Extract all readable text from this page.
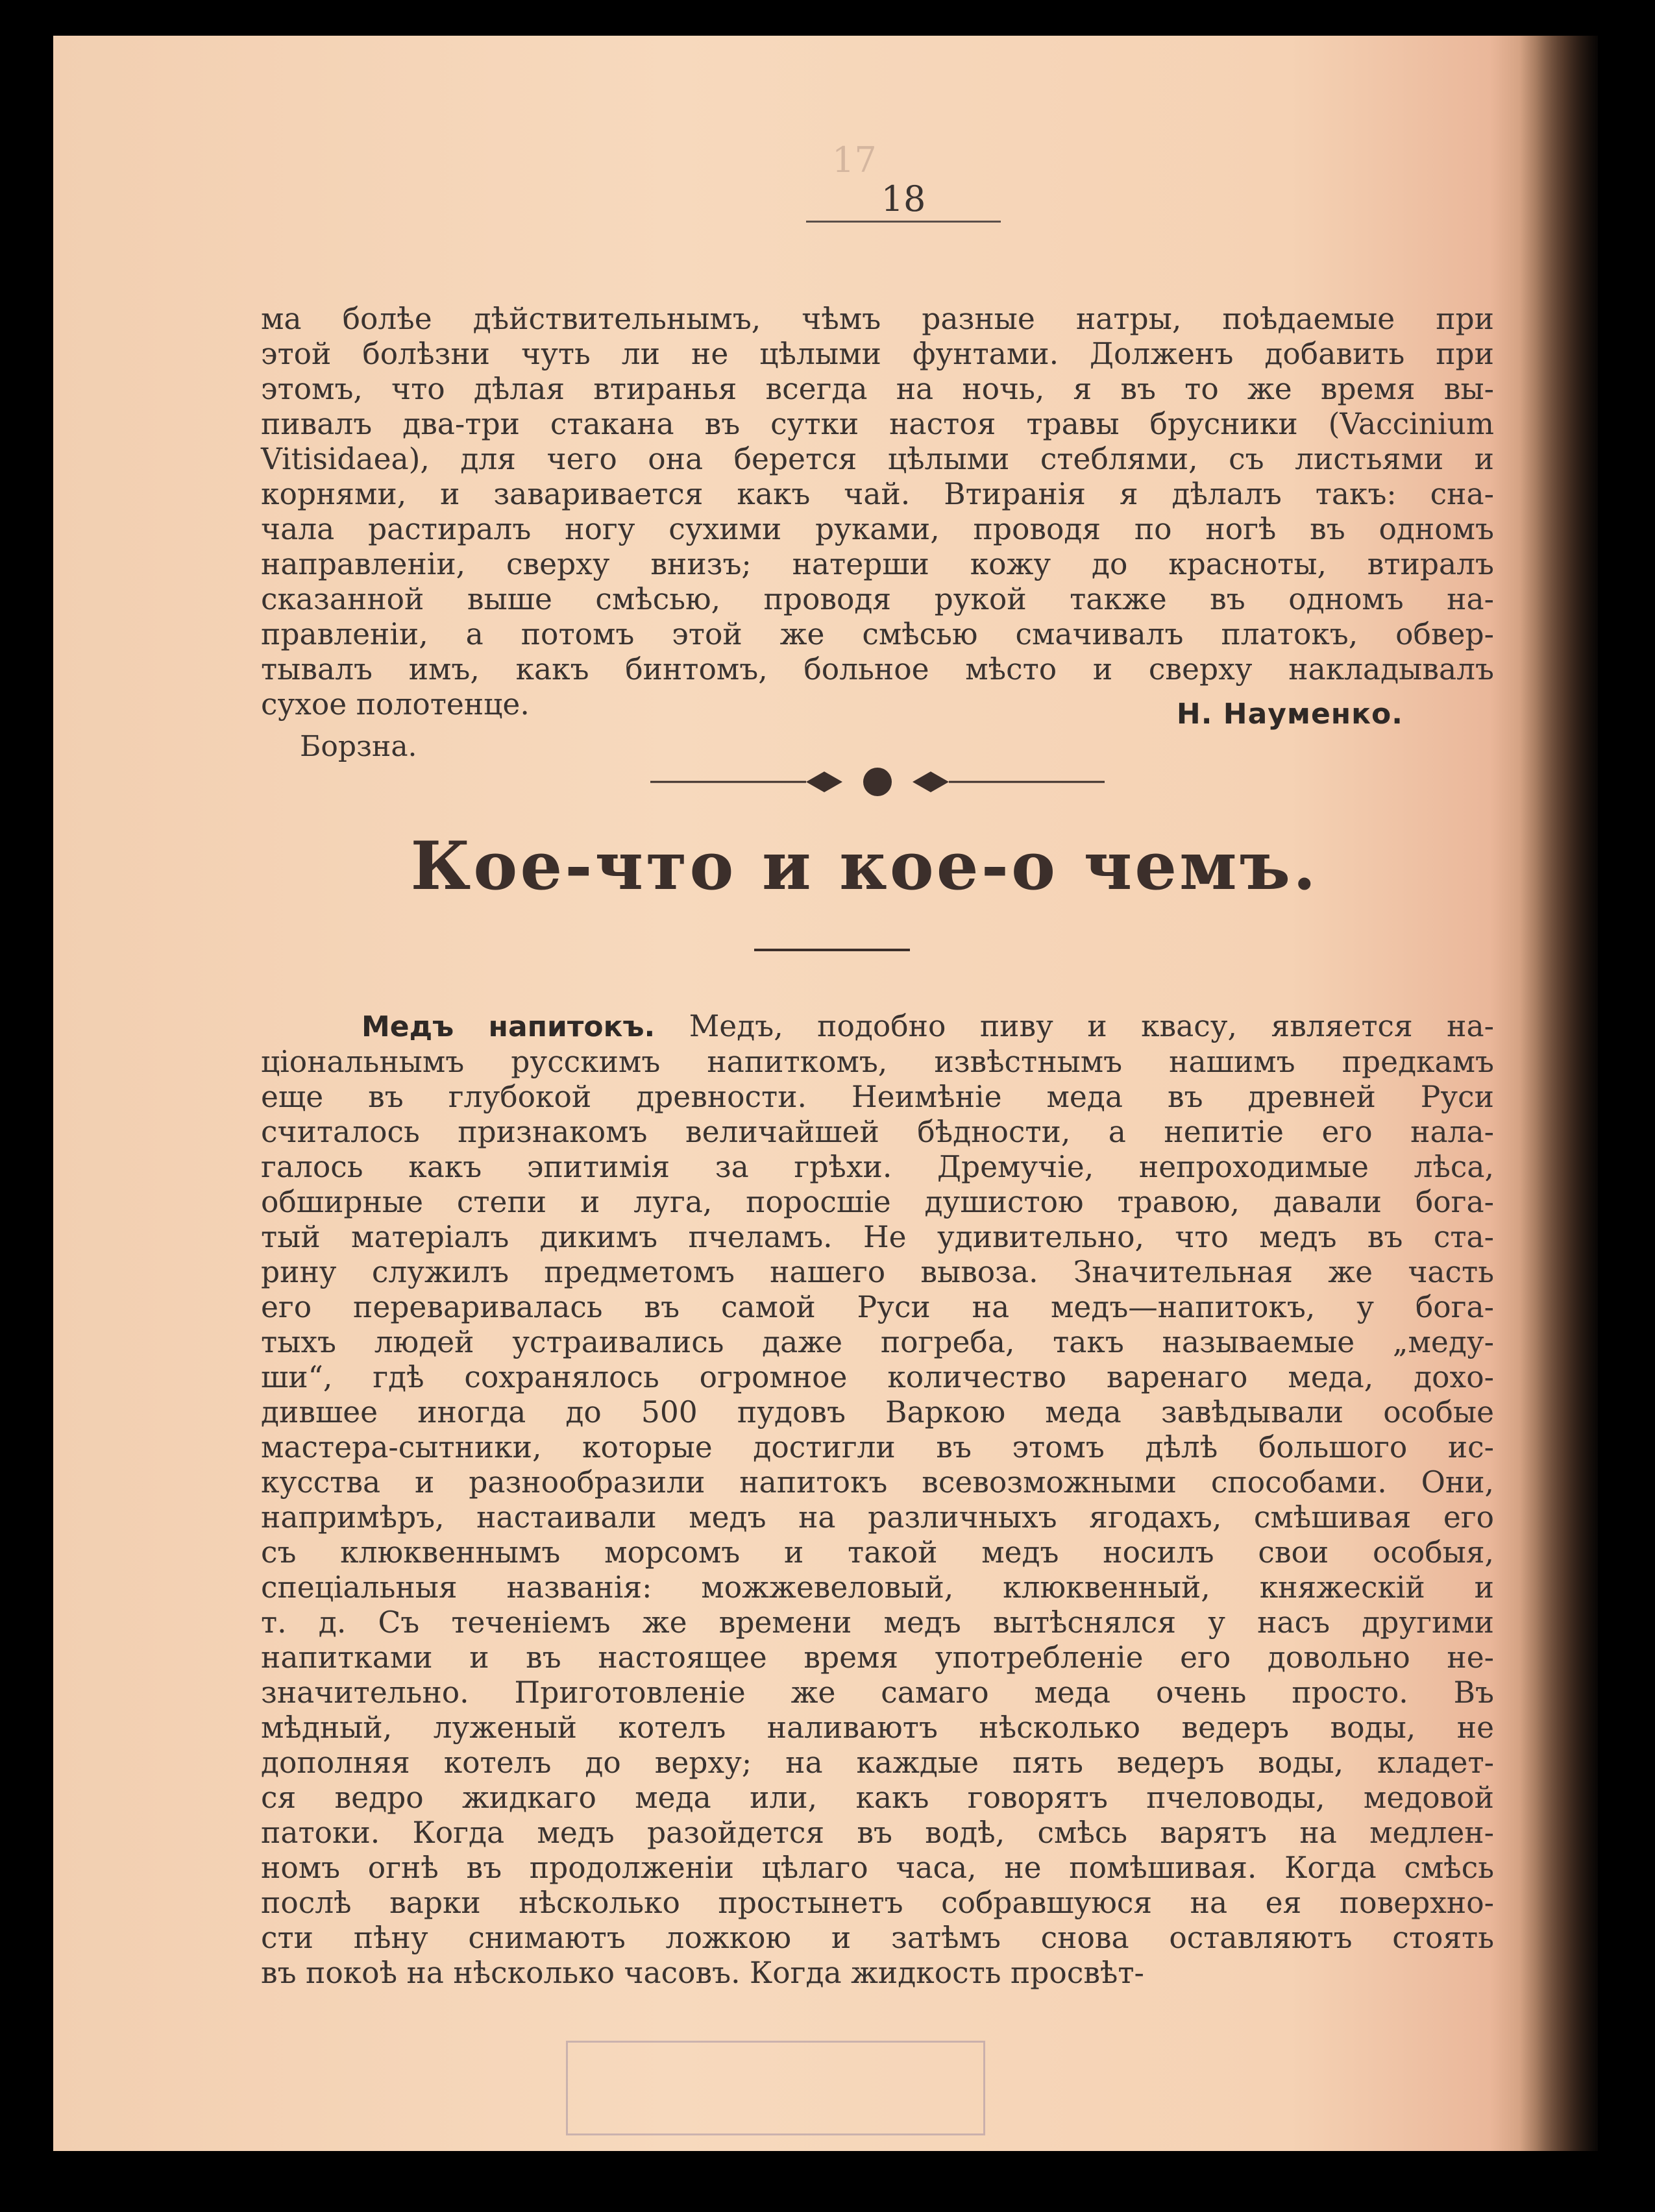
17
18
ма болѣе дѣйствительнымъ, чѣмъ разные натры, поѣдаемые при
этой болѣзни чуть ли не цѣлыми фунтами. Долженъ добавить при
этомъ, что дѣлая втиранья всегда на ночь, я въ то же время вы-
пивалъ два-три стакана въ сутки настоя травы брусники (Vaccinium
Vitisidaea), для чего она берется цѣлыми стеблями, съ листьями и
корнями, и заваривается какъ чай. Втиранія я дѣлалъ такъ: сна-
чала растиралъ ногу сухими руками, проводя по ногѣ въ одномъ
направленіи, сверху внизъ; натерши кожу до красноты, втиралъ
сказанной выше смѣсью, проводя рукой также въ одномъ на-
правленіи, а потомъ этой же смѣсью смачивалъ платокъ, обвер-
тывалъ имъ, какъ бинтомъ, больное мѣсто и сверху накладывалъ
сухое полотенце.	Н. Науменко.
Борзна.
Кое-что и кое-о чемъ.
Медъ напитокъ. Медъ, подобно пиву и квасу, является на-
ціональнымъ русскимъ напиткомъ, извѣстнымъ нашимъ предкамъ
еще въ глубокой древности. Неимѣніе меда въ древней Руси
считалось признакомъ величайшей бѣдности, а непитіе его нала-
галось какъ эпитимія за грѣхи. Дремучіе, непроходимые лѣса,
обширные степи и луга, поросшіе душистою травою, давали бога-
тый матеріалъ дикимъ пчеламъ. Не удивительно, что медъ въ ста-
рину служилъ предметомъ нашего вывоза. Значительная же часть
его переваривалась въ самой Руси на медъ—напитокъ, у бога-
тыхъ людей устраивались даже погреба, такъ называемые „меду-
ши“, гдѣ сохранялось огромное количество варенаго меда, дохо-
дившее иногда до 500 пудовъ Варкою меда завѣдывали особые
мастера-сытники, которые достигли въ этомъ дѣлѣ большого ис-
кусства и разнообразили напитокъ всевозможными способами. Они,
напримѣръ, настаивали медъ на различныхъ ягодахъ, смѣшивая его
съ клюквеннымъ морсомъ и такой медъ носилъ свои особыя,
спеціальныя названія: можжевеловый, клюквенный, княжескій и
т. д. Съ теченіемъ же времени медъ вытѣснялся у насъ другими
напитками и въ настоящее время употребленіе его довольно не-
значительно. Приготовленіе же самаго меда очень просто. Въ
мѣдный, луженый котелъ наливаютъ нѣсколько ведеръ воды, не
дополняя котелъ до верху; на каждые пять ведеръ воды, кладет-
ся ведро жидкаго меда или, какъ говорятъ пчеловоды, медовой
патоки. Когда медъ разойдется въ водѣ, смѣсь варятъ на медлен-
номъ огнѣ въ продолженіи цѣлаго часа, не помѣшивая. Когда смѣсь
послѣ варки нѣсколько простынетъ собравшуюся на ея поверхно-
сти пѣну снимаютъ ложкою и затѣмъ снова оставляютъ стоять
въ покоѣ на нѣсколько часовъ. Когда жидкость просвѣт-
